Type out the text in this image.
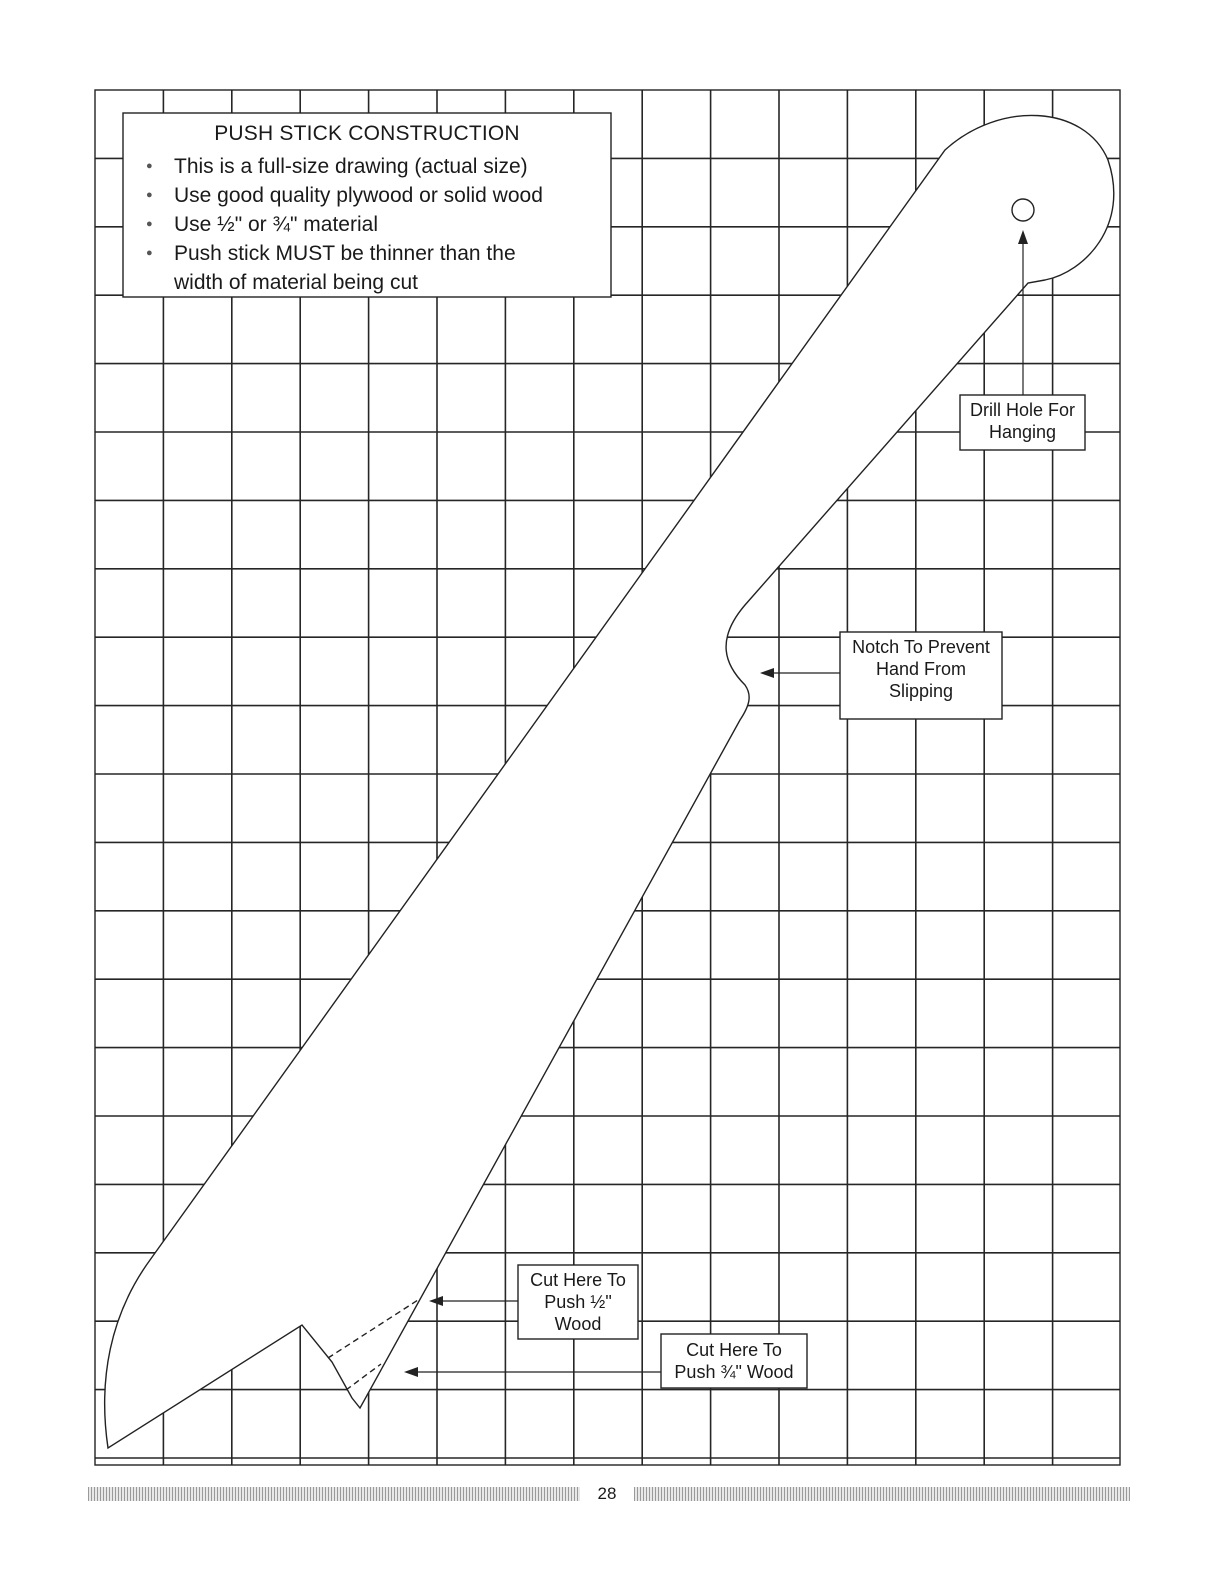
PUSH STICK CONSTRUCTION
● This is a full-size drawing (actual size)
● Use good quality plywood or solid wood
● Use ½" or ¾" material
● Push stick MUST be thinner than the
width of material being cut
Drill Hole For
Hanging
Notch To Prevent
Hand From
Slipping
Cut Here To
Push ½"
Wood
Cut Here To
Push ¾" Wood
28
